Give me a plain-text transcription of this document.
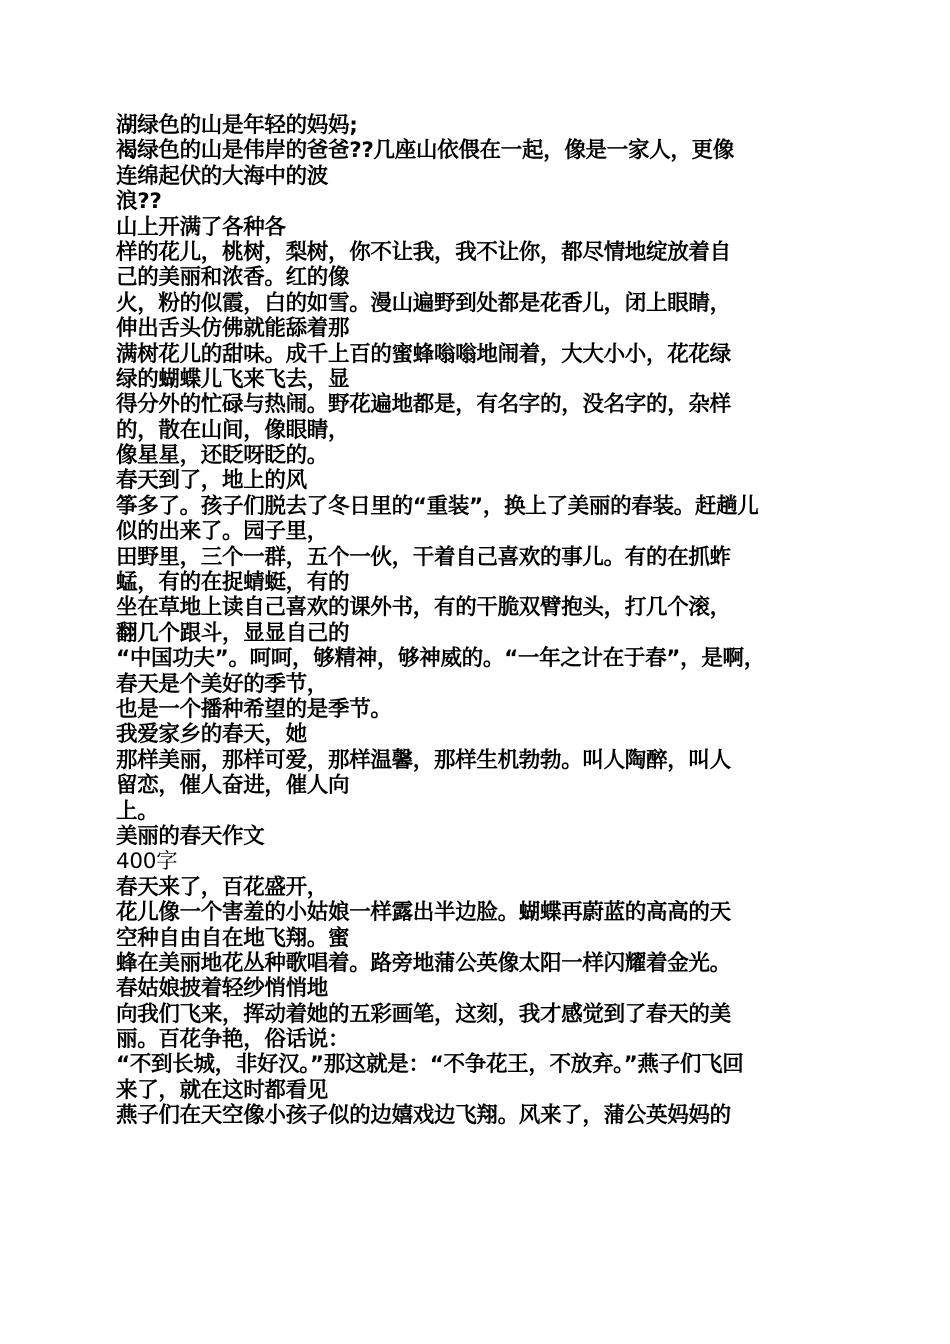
湖绿色的山是年轻的妈妈;
褐绿色的山是伟岸的爸爸??几座山依偎在一起，像是一家人，更像
连绵起伏的大海中的波
浪??
山上开满了各种各
样的花儿，桃树，梨树，你不让我，我不让你，都尽情地绽放着自
己的美丽和浓香。红的像
火，粉的似霞，白的如雪。漫山遍野到处都是花香儿，闭上眼睛，
伸出舌头仿佛就能舔着那
满树花儿的甜味。成千上百的蜜蜂嗡嗡地闹着，大大小小，花花绿
绿的蝴蝶儿飞来飞去，显
得分外的忙碌与热闹。野花遍地都是，有名字的，没名字的，杂样
的，散在山间，像眼睛，
像星星，还眨呀眨的。
春天到了，地上的风
筝多了。孩子们脱去了冬日里的“重装”，换上了美丽的春装。赶趟儿
似的出来了。园子里，
田野里，三个一群，五个一伙，干着自己喜欢的事儿。有的在抓蚱
蜢，有的在捉蜻蜓，有的
坐在草地上读自己喜欢的课外书，有的干脆双臂抱头，打几个滚，
翻几个跟斗，显显自己的
“中国功夫”。呵呵，够精神，够神威的。“一年之计在于春”，是啊，
春天是个美好的季节，
也是一个播种希望的是季节。
我爱家乡的春天，她
那样美丽，那样可爱，那样温馨，那样生机勃勃。叫人陶醉，叫人
留恋，催人奋进，催人向
上。
美丽的春天作文
400字
春天来了，百花盛开，
花儿像一个害羞的小姑娘一样露出半边脸。蝴蝶再蔚蓝的高高的天
空种自由自在地飞翔。蜜
蜂在美丽地花丛种歌唱着。路旁地蒲公英像太阳一样闪耀着金光。
春姑娘披着轻纱悄悄地
向我们飞来，挥动着她的五彩画笔，这刻，我才感觉到了春天的美
丽。百花争艳，俗话说：
“不到长城，非好汉。”那这就是：“不争花王，不放弃。”燕子们飞回
来了，就在这时都看见
燕子们在天空像小孩子似的边嬉戏边飞翔。风来了，蒲公英妈妈的
